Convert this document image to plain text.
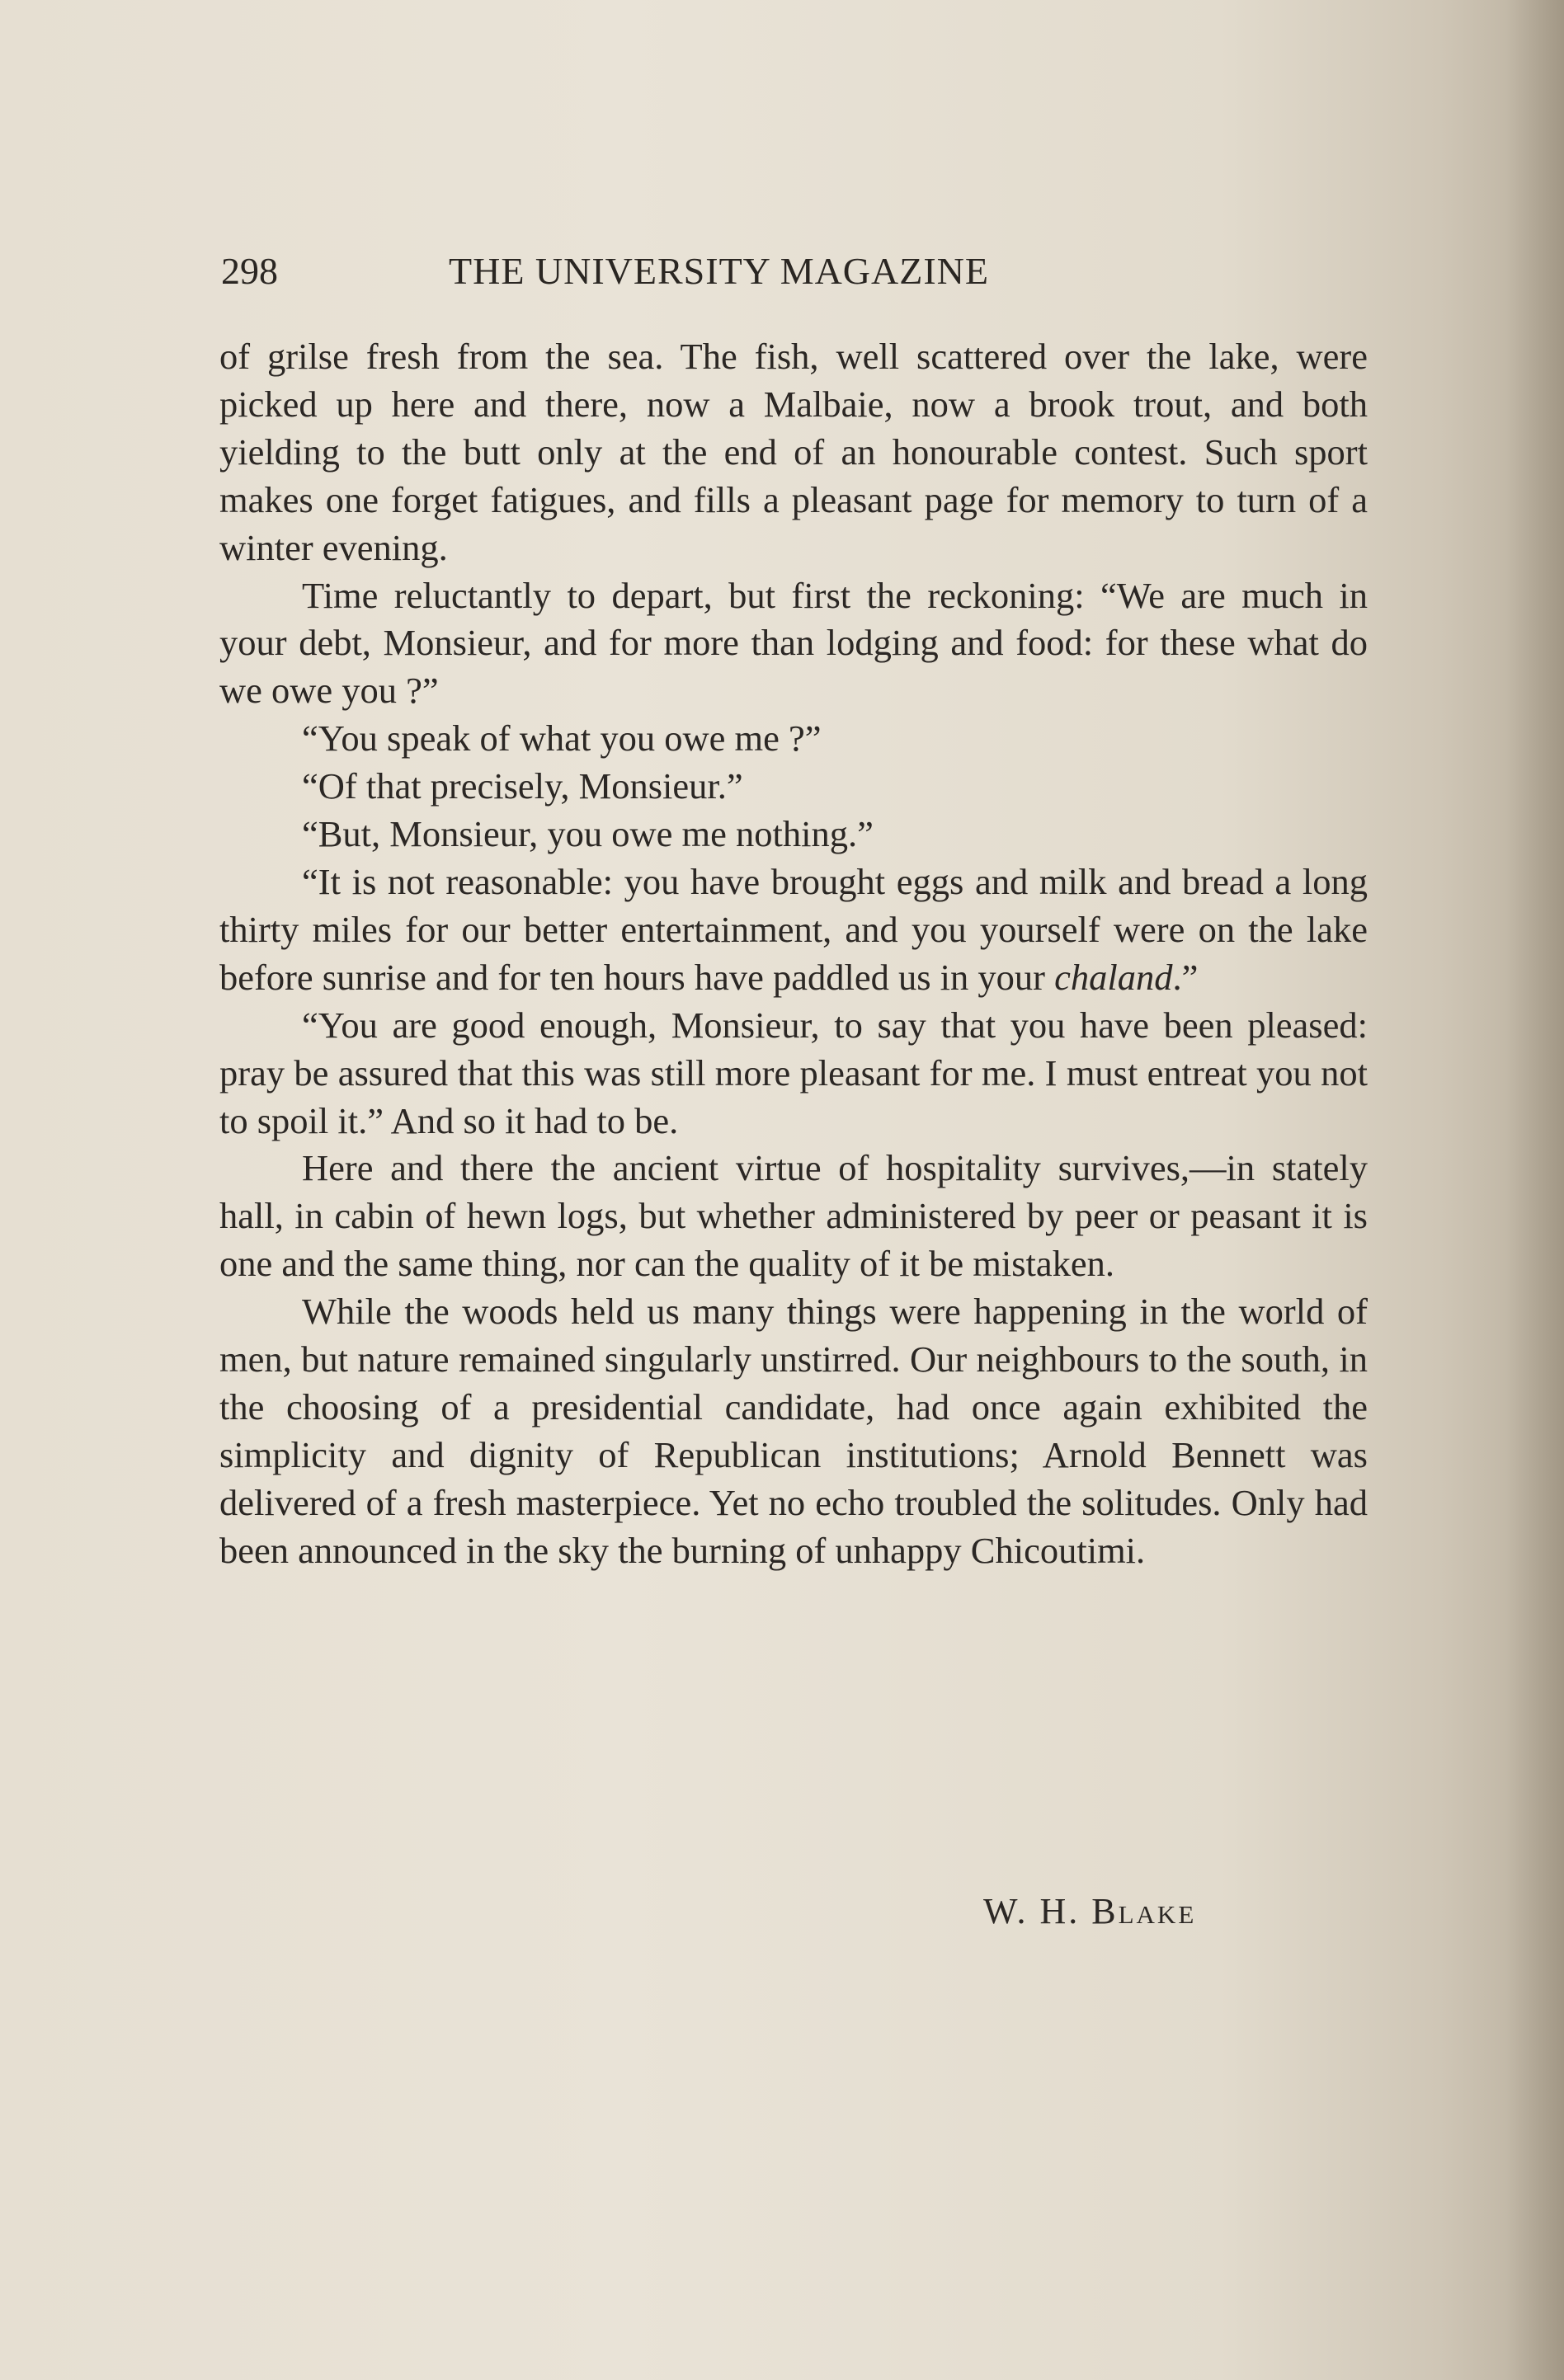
298	THE UNIVERSITY MAGAZINE

of grilse fresh from the sea. The fish, well scattered over the lake, were picked up here and there, now a Malbaie, now a brook trout, and both yielding to the butt only at the end of an honourable contest. Such sport makes one forget fatigues, and fills a pleasant page for memory to turn of a winter evening.

Time reluctantly to depart, but first the reckoning: “We are much in your debt, Monsieur, and for more than lodging and food: for these what do we owe you ?”

“You speak of what you owe me ?”

“Of that precisely, Monsieur.”

“But, Monsieur, you owe me nothing.”

“It is not reasonable: you have brought eggs and milk and bread a long thirty miles for our better entertainment, and you yourself were on the lake before sunrise and for ten hours have paddled us in your chaland.”

“You are good enough, Monsieur, to say that you have been pleased: pray be assured that this was still more pleasant for me. I must entreat you not to spoil it.” And so it had to be.

Here and there the ancient virtue of hospitality survives,—in stately hall, in cabin of hewn logs, but whether administered by peer or peasant it is one and the same thing, nor can the quality of it be mistaken.

While the woods held us many things were happening in the world of men, but nature remained singularly unstirred. Our neighbours to the south, in the choosing of a presidential candidate, had once again exhibited the simplicity and dignity of Republican institutions; Arnold Bennett was delivered of a fresh masterpiece. Yet no echo troubled the solitudes. Only had been announced in the sky the burning of unhappy Chicoutimi.

W. H. Blake
